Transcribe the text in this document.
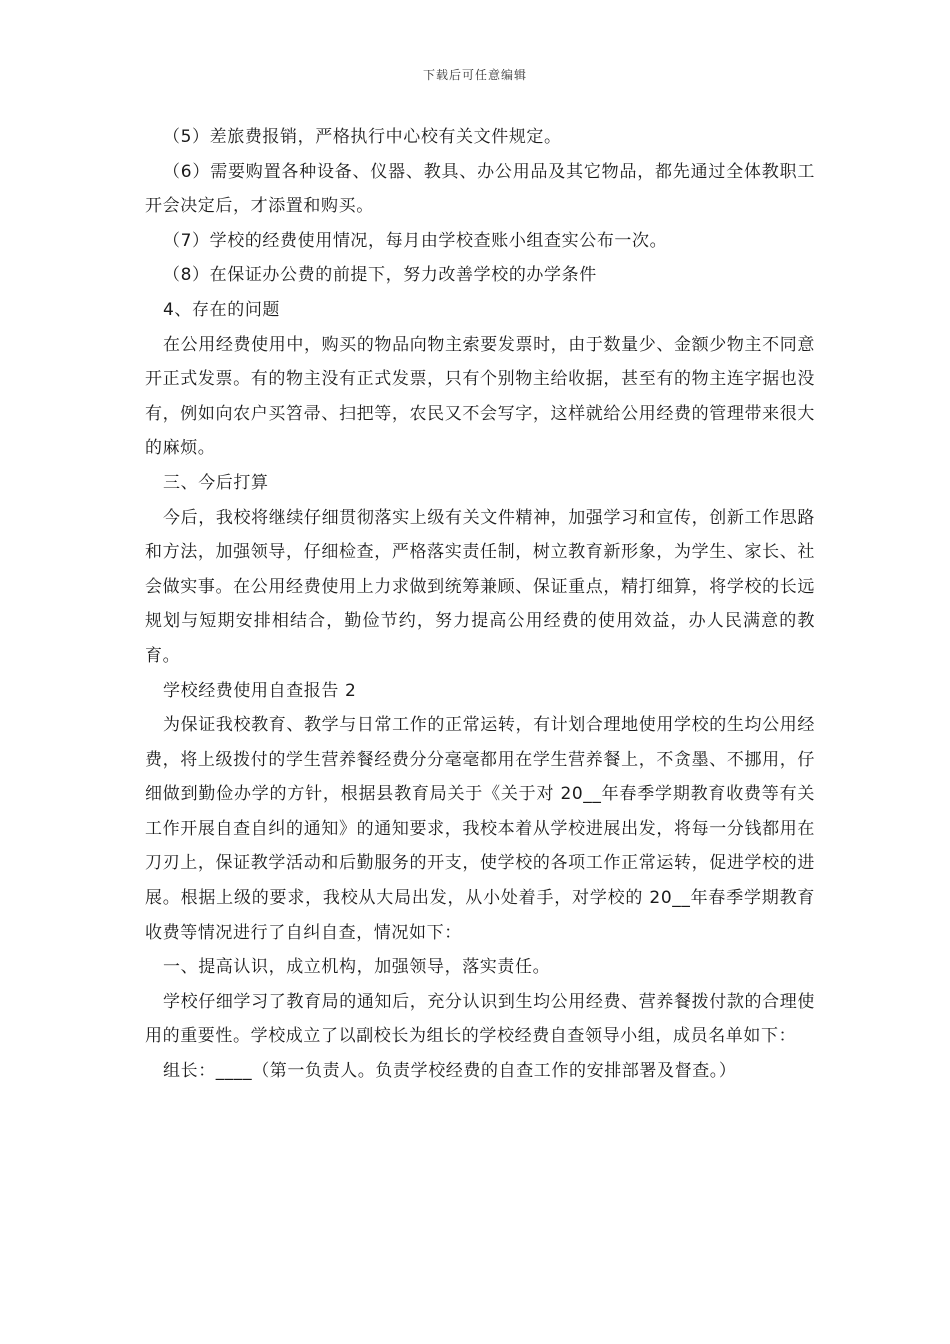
下载后可任意编辑

（5）差旅费报销，严格执行中心校有关文件规定。

（6）需要购置各种设备、仪器、教具、办公用品及其它物品，都先通过全体教职工开会决定后，才添置和购买。

（7）学校的经费使用情况，每月由学校查账小组查实公布一次。

（8）在保证办公费的前提下，努力改善学校的办学条件

4、存在的问题

在公用经费使用中，购买的物品向物主索要发票时，由于数量少、金额少物主不同意开正式发票。有的物主没有正式发票，只有个别物主给收据，甚至有的物主连字据也没有，例如向农户买笤帚、扫把等，农民又不会写字，这样就给公用经费的管理带来很大的麻烦。

三、今后打算

今后，我校将继续仔细贯彻落实上级有关文件精神，加强学习和宣传，创新工作思路和方法，加强领导，仔细检查，严格落实责任制，树立教育新形象，为学生、家长、社会做实事。在公用经费使用上力求做到统筹兼顾、保证重点，精打细算，将学校的长远规划与短期安排相结合，勤俭节约，努力提高公用经费的使用效益，办人民满意的教育。

学校经费使用自查报告 2

为保证我校教育、教学与日常工作的正常运转，有计划合理地使用学校的生均公用经费，将上级拨付的学生营养餐经费分分毫毫都用在学生营养餐上，不贪墨、不挪用，仔细做到勤俭办学的方针，根据县教育局关于《关于对 20__年春季学期教育收费等有关工作开展自查自纠的通知》的通知要求，我校本着从学校进展出发，将每一分钱都用在刀刃上，保证教学活动和后勤服务的开支，使学校的各项工作正常运转，促进学校的进展。根据上级的要求，我校从大局出发，从小处着手，对学校的 20__年春季学期教育收费等情况进行了自纠自查，情况如下：

一、提高认识，成立机构，加强领导，落实责任。

学校仔细学习了教育局的通知后，充分认识到生均公用经费、营养餐拨付款的合理使用的重要性。学校成立了以副校长为组长的学校经费自查领导小组，成员名单如下：

组长：____（第一负责人。负责学校经费的自查工作的安排部署及督查。）
